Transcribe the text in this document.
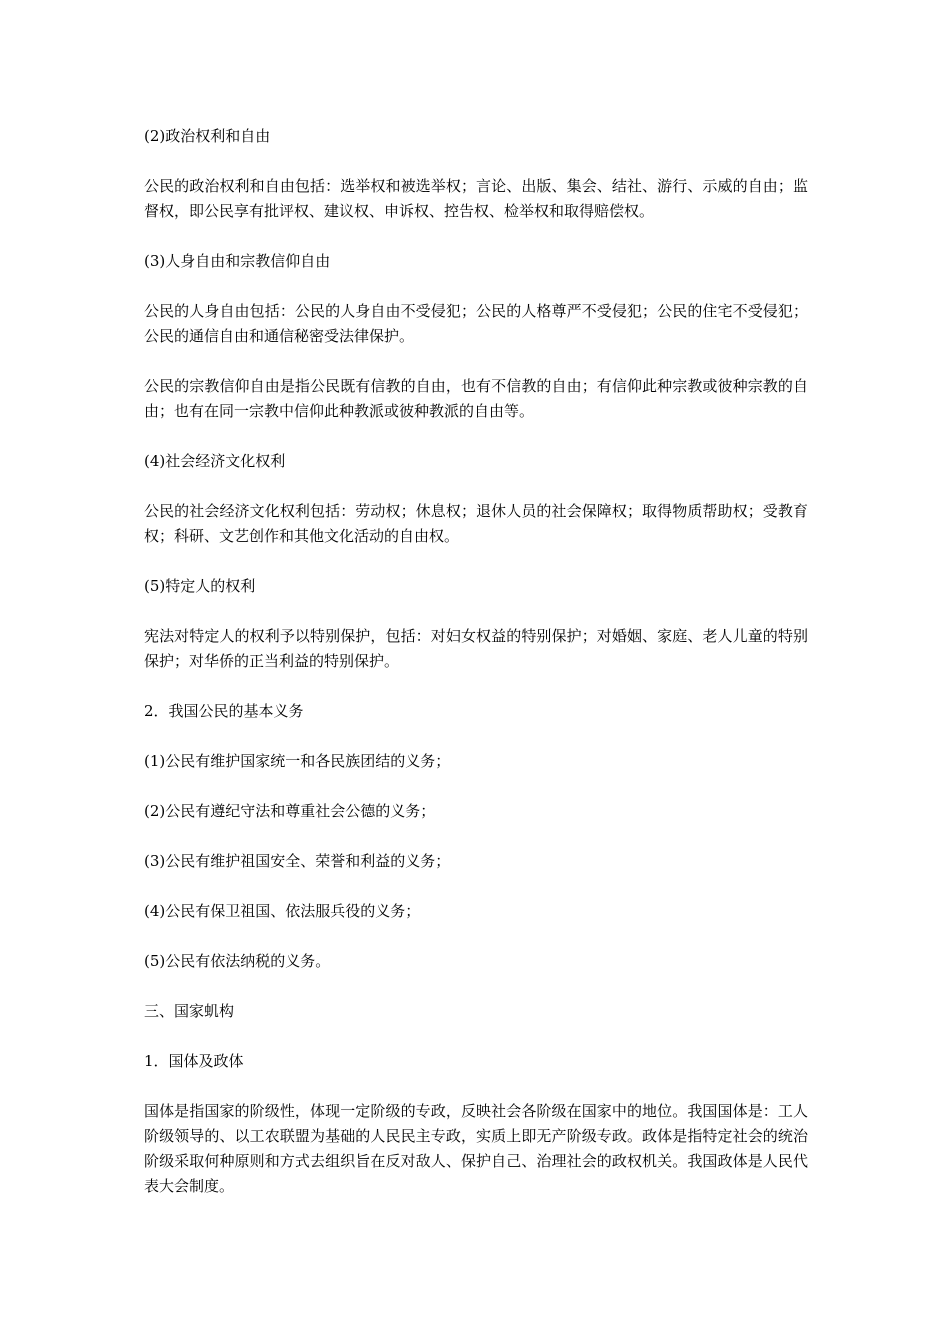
(2)政治权利和自由

公民的政治权利和自由包括：选举权和被选举权；言论、出版、集会、结社、游行、示威的自由；监督权，即公民享有批评权、建议权、申诉权、控告权、检举权和取得赔偿权。

(3)人身自由和宗教信仰自由

公民的人身自由包括：公民的人身自由不受侵犯；公民的人格尊严不受侵犯；公民的住宅不受侵犯；公民的通信自由和通信秘密受法律保护。

公民的宗教信仰自由是指公民既有信教的自由，也有不信教的自由；有信仰此种宗教或彼种宗教的自由；也有在同一宗教中信仰此种教派或彼种教派的自由等。

(4)社会经济文化权利

公民的社会经济文化权利包括：劳动权；休息权；退休人员的社会保障权；取得物质帮助权；受教育权；科研、文艺创作和其他文化活动的自由权。

(5)特定人的权利

宪法对特定人的权利予以特别保护，包括：对妇女权益的特别保护；对婚姻、家庭、老人儿童的特别保护；对华侨的正当利益的特别保护。

2．我国公民的基本义务

(1)公民有维护国家统一和各民族团结的义务；

(2)公民有遵纪守法和尊重社会公德的义务；

(3)公民有维护祖国安全、荣誉和利益的义务；

(4)公民有保卫祖国、依法服兵役的义务；

(5)公民有依法纳税的义务。

三、国家虮构

1．国体及政体

国体是指国家的阶级性，体现一定阶级的专政，反映社会各阶级在国家中的地位。我国国体是：工人阶级领导的、以工农联盟为基础的人民民主专政，实质上即无产阶级专政。政体是指特定社会的统治阶级采取何种原则和方式去组织旨在反对敌人、保护自己、治理社会的政权机关。我国政体是人民代表大会制度。
